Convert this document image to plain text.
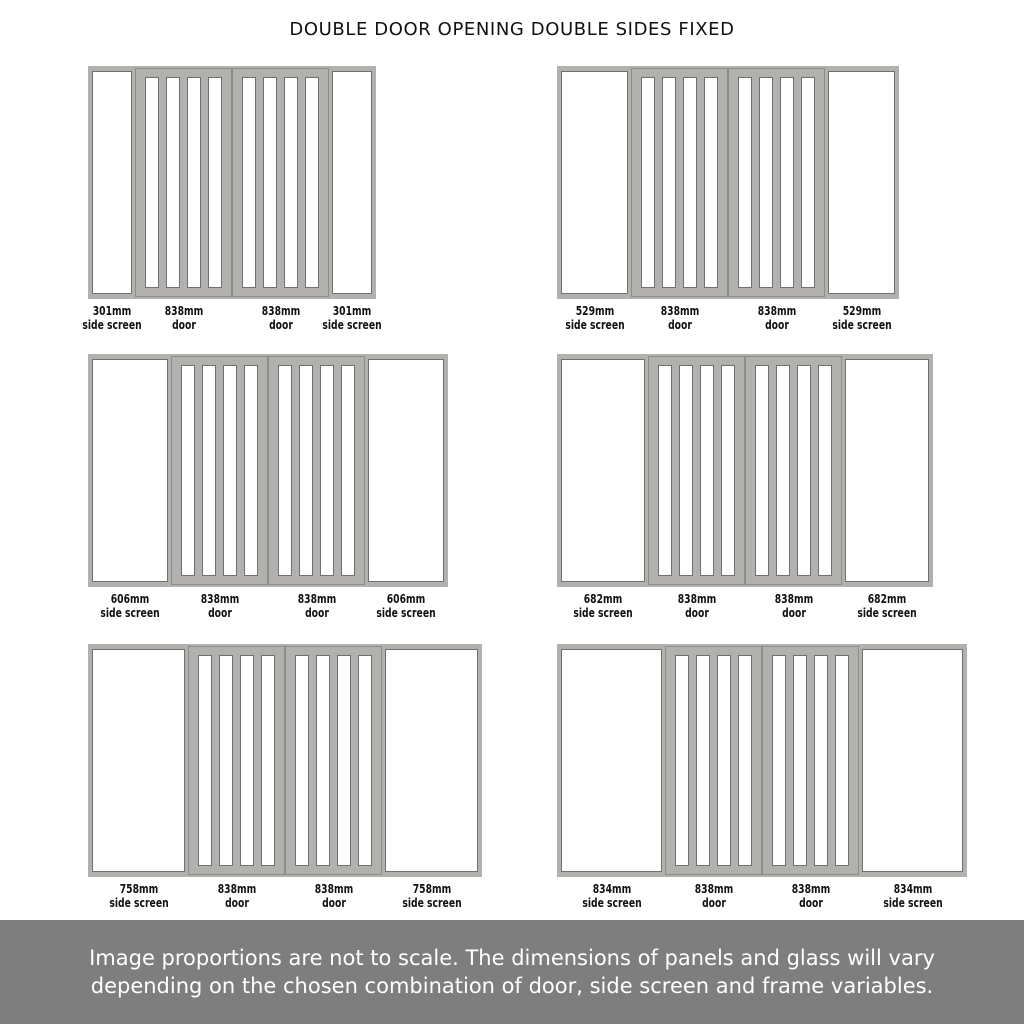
DOUBLE DOOR OPENING DOUBLE SIDES FIXED
301mm
side screen
838mm
door
838mm
door
301mm
side screen
529mm
side screen
838mm
door
838mm
door
529mm
side screen
606mm
side screen
838mm
door
838mm
door
606mm
side screen
682mm
side screen
838mm
door
838mm
door
682mm
side screen
758mm
side screen
838mm
door
838mm
door
758mm
side screen
834mm
side screen
838mm
door
838mm
door
834mm
side screen

Image proportions are not to scale. The dimensions of panels and glass will vary depending on the chosen combination of door, side screen and frame variables.
